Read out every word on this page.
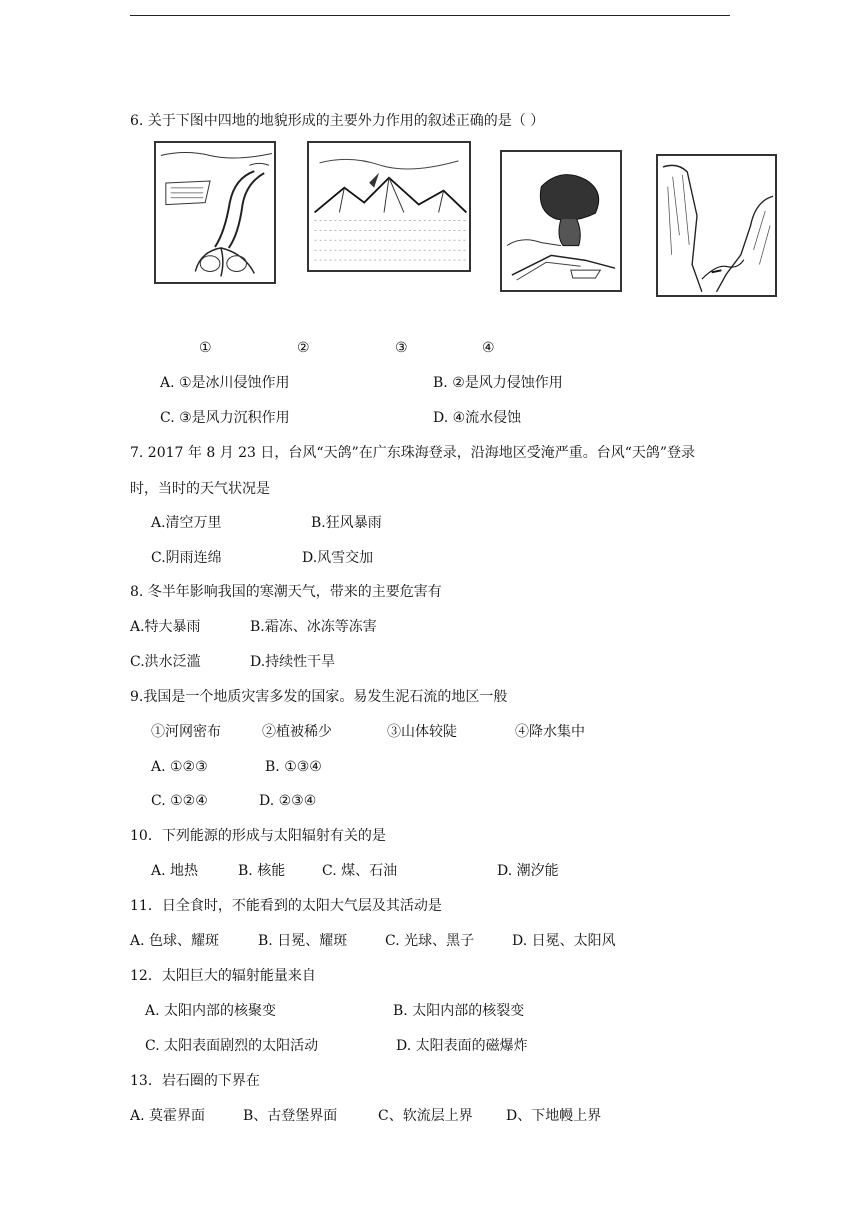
6. 关于下图中四地的地貌形成的主要外力作用的叙述正确的是（ ）
①	②	③	④
A. ①是冰川侵蚀作用	B. ②是风力侵蚀作用
C. ③是风力沉积作用	D. ④流水侵蚀
7. 2017 年 8 月 23 日，台风“天鸽”在广东珠海登录，沿海地区受淹严重。台风“天鸽”登录
时，当时的天气状况是
A.清空万里	B.狂风暴雨
C.阴雨连绵	D.风雪交加
8. 冬半年影响我国的寒潮天气，带来的主要危害有
A.特大暴雨	B.霜冻、冰冻等冻害
C.洪水泛滥	D.持续性干旱
9.我国是一个地质灾害多发的国家。易发生泥石流的地区一般
①河网密布	②植被稀少	③山体较陡	④降水集中
A. ①②③	B. ①③④
C. ①②④	D. ②③④
10．下列能源的形成与太阳辐射有关的是
A. 地热	B. 核能	C. 煤、石油	D. 潮汐能
11．日全食时，不能看到的太阳大气层及其活动是
A. 色球、耀斑	B. 日冕、耀斑	C. 光球、黑子	D. 日冕、太阳风
12．太阳巨大的辐射能量来自
A. 太阳内部的核聚变	B. 太阳内部的核裂变
C. 太阳表面剧烈的太阳活动	D. 太阳表面的磁爆炸
13．岩石圈的下界在
A. 莫霍界面	B、古登堡界面	C、软流层上界 D、下地幔上界
